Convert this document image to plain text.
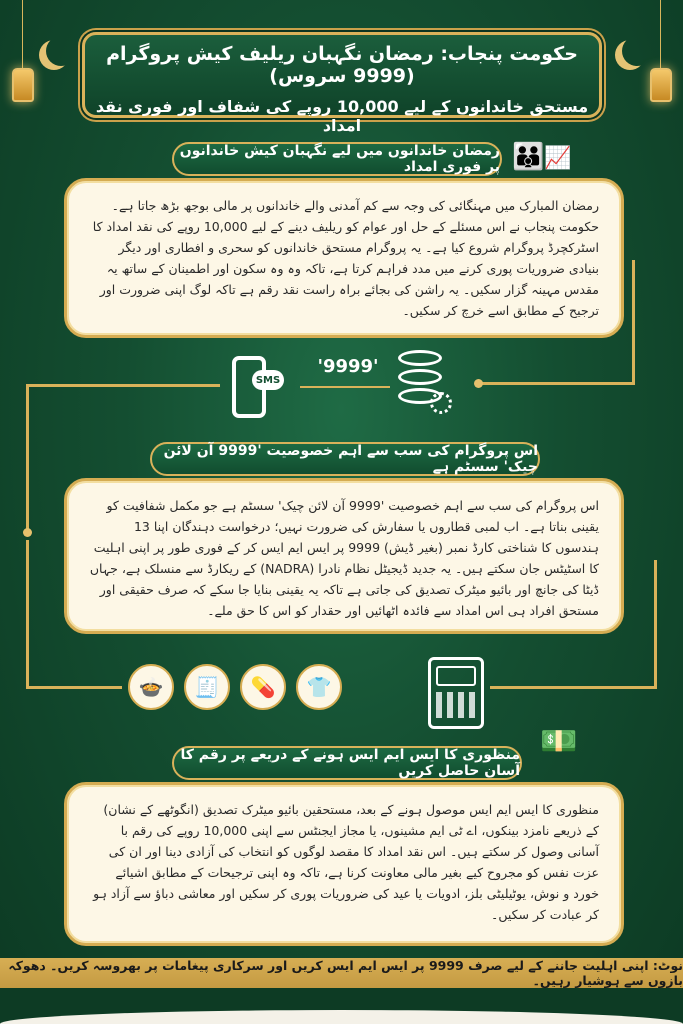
حکومت پنجاب: رمضان نگہبان ریلیف کیش پروگرام (9999 سروس)
مستحق خاندانوں کے لیے 10,000 روپے کی شفاف اور فوری نقد امداد
رمضان خاندانوں میں لیے نگہبان کیش خاندانوں پر فوری امداد 👪📈

رمضان المبارک میں مہنگائی کی وجہ سے کم آمدنی والے خاندانوں پر مالی بوجھ بڑھ جاتا ہے۔ حکومت پنجاب نے اس مسئلے کے حل اور عوام کو ریلیف دینے کے لیے 10,000 روپے کی نقد امداد کا اسٹرکچرڈ پروگرام شروع کیا ہے۔ یہ پروگرام مستحق خاندانوں کو سحری و افطاری اور دیگر بنیادی ضروریات پوری کرنے میں مدد فراہم کرتا ہے، تاکہ وہ وہ سکون اور اطمینان کے ساتھ یہ مقدس مہینہ گزار سکیں۔ یہ راشن کی بجائے براہ راست نقد رقم ہے تاکہ لوگ اپنی ضرورت اور ترجیح کے مطابق اسے خرچ کر سکیں۔

SMS
'9999'
اس پروگرام کی سب سے اہم خصوصیت '9999 آن لائن چیک' سسٹم ہے

اس پروگرام کی سب سے اہم خصوصیت '9999 آن لائن چیک' سسٹم ہے جو مکمل شفافیت کو یقینی بناتا ہے۔ اب لمبی قطاروں یا سفارش کی ضرورت نہیں؛ درخواست دہندگان اپنا 13 ہندسوں کا شناختی کارڈ نمبر (بغیر ڈیش) 9999 پر ایس ایم ایس کر کے فوری طور پر اپنی اہلیت کا اسٹیٹس جان سکتے ہیں۔ یہ جدید ڈیجیٹل نظام نادرا (NADRA) کے ریکارڈ سے منسلک ہے، جہاں ڈیٹا کی جانچ اور بائیو میٹرک تصدیق کی جاتی ہے تاکہ یہ یقینی بنایا جا سکے کہ صرف حقیقی اور مستحق افراد ہی اس امداد سے فائدہ اٹھائیں اور حقدار کو اس کا حق ملے۔

🍲	🧾	💊	👕
منظوری کا ایس ایم ایس ہونے کے دریعے پر رقم کا آسان حاصل کریں
💵

منظوری کا ایس ایم ایس موصول ہونے کے بعد، مستحقین بائیو میٹرک تصدیق (انگوٹھے کے نشان) کے ذریعے نامزد بینکوں، اے ٹی ایم مشینوں، یا مجاز ایجنٹس سے اپنی 10,000 روپے کی رقم با آسانی وصول کر سکتے ہیں۔ اس نقد امداد کا مقصد لوگوں کو انتخاب کی آزادی دینا اور ان کی عزت نفس کو مجروح کیے بغیر مالی معاونت کرنا ہے، تاکہ وہ اپنی ترجیحات کے مطابق اشیائے خورد و نوش، یوٹیلیٹی بلز، ادویات یا عید کی ضروریات پوری کر سکیں اور معاشی دباؤ سے آزاد ہو کر عبادت کر سکیں۔

نوٹ: اپنی اہلیت جاننے کے لیے صرف 9999 پر ایس ایم ایس کریں اور سرکاری پیغامات پر بھروسہ کریں۔ دھوکہ بازوں سے ہوشیار رہیں۔
